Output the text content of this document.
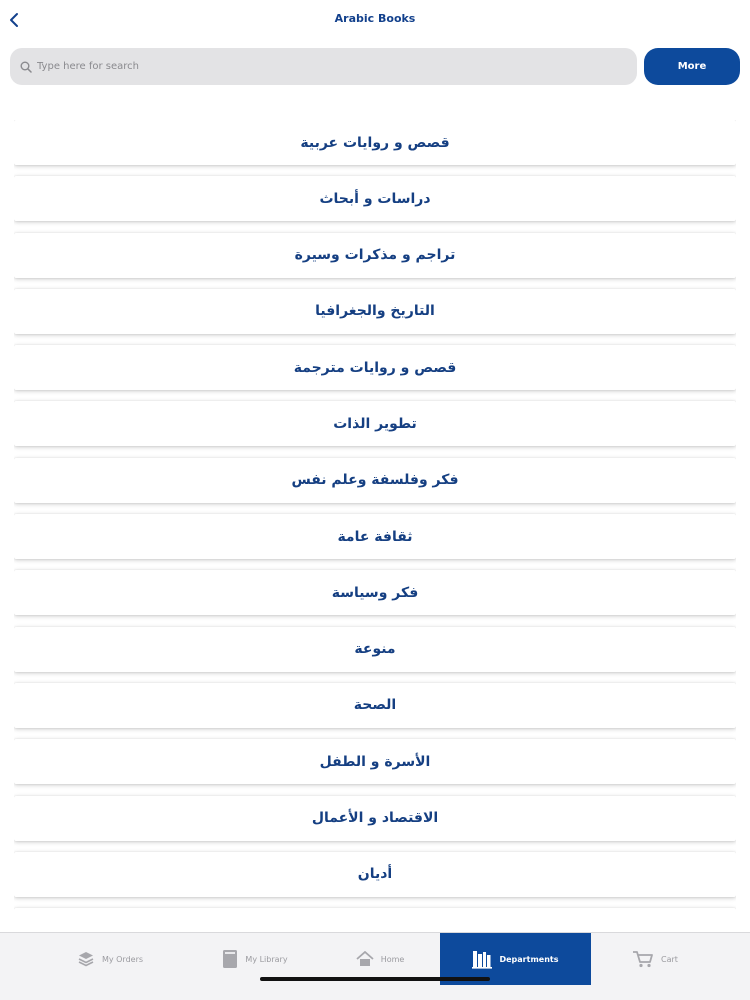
Arabic Books
Type here for search
More
قصص و روايات عربية
دراسات و أبحاث
تراجم و مذكرات وسيرة
التاريخ والجغرافيا
قصص و روايات مترجمة
تطوير الذات
فكر وفلسفة وعلم نفس
ثقافة عامة
فكر وسياسة
منوعة
الصحة
الأسرة و الطفل
الاقتصاد و الأعمال
أديان

My Orders	My Library	Home	Departments	Cart
